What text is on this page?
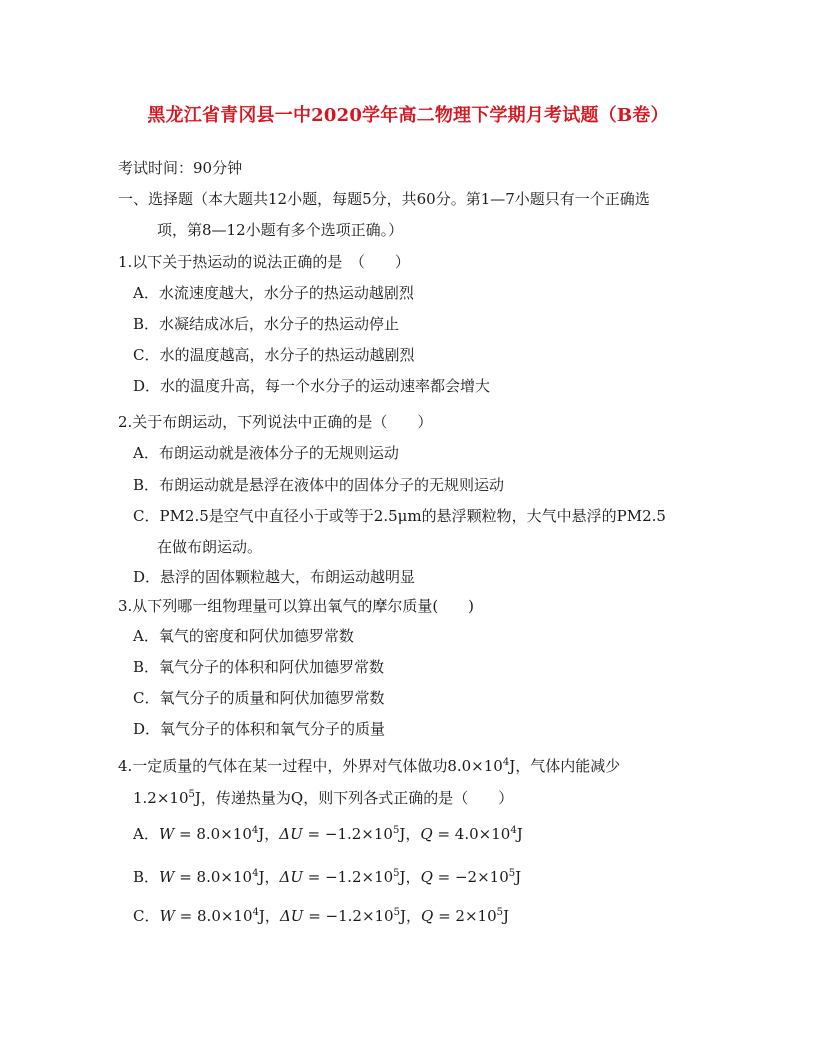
黑龙江省青冈县一中2020学年高二物理下学期月考试题（B卷）
考试时间：90分钟
一、选择题（本大题共12小题，每题5分，共60分。第1—7小题只有一个正确选
项，第8—12小题有多个选项正确。）
1.以下关于热运动的说法正确的是　（　　）
A．水流速度越大，水分子的热运动越剧烈
B．水凝结成冰后，水分子的热运动停止
C．水的温度越高，水分子的热运动越剧烈
D．水的温度升高，每一个水分子的运动速率都会增大
2.关于布朗运动，下列说法中正确的是（　　）
A．布朗运动就是液体分子的无规则运动
B．布朗运动就是悬浮在液体中的固体分子的无规则运动
C．PM2.5是空气中直径小于或等于2.5μm的悬浮颗粒物，大气中悬浮的PM2.5
在做布朗运动。
D．悬浮的固体颗粒越大，布朗运动越明显
3.从下列哪一组物理量可以算出氧气的摩尔质量(　　)
A．氧气的密度和阿伏加德罗常数
B．氧气分子的体积和阿伏加德罗常数
C．氧气分子的质量和阿伏加德罗常数
D．氧气分子的体积和氧气分子的质量
4.一定质量的气体在某一过程中，外界对气体做功$8.0\times 10^4J$，气体内能减少
$1.2\times 10^5J$，传递热量为Q，则下列各式正确的是（　　）
A．$W = 8.0\times 10^4J$，$\Delta U = -1.2\times 10^5J$，$Q = 4.0\times 10^4J$
B．$W = 8.0\times 10^4J$，$\Delta U = -1.2\times 10^5J$，$Q = -2\times 10^5J$
C．$W = 8.0\times 10^4J$，$\Delta U = -1.2\times 10^5J$，$Q = 2\times 10^5J$
